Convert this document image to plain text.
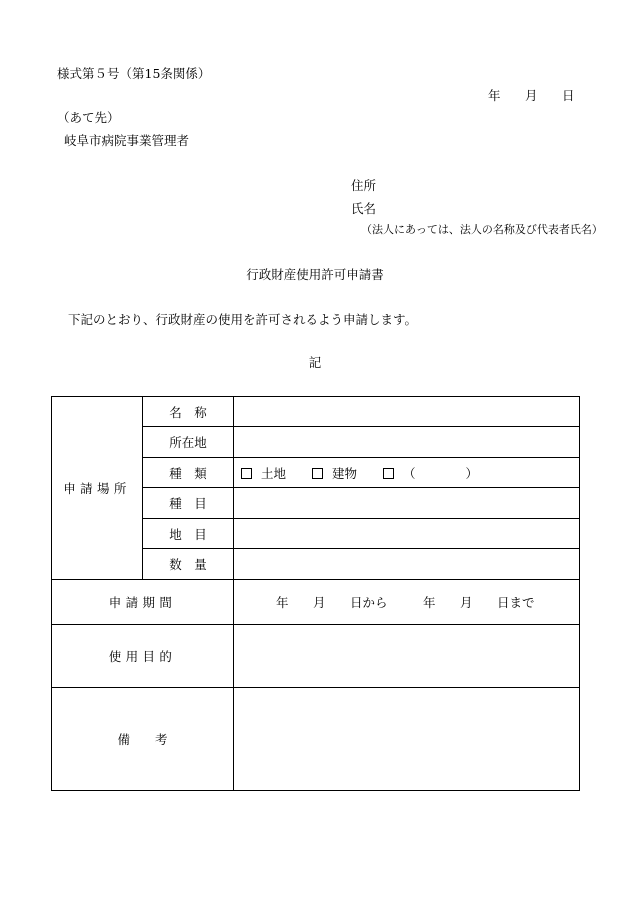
様式第５号（第15条関係）
年 月 日
（あて先）
岐阜市病院事業管理者
住所
氏名
（法人にあっては、法人の名称及び代表者氏名）
行政財産使用許可申請書
下記のとおり、行政財産の使用を許可されるよう申請します。
記
申請場所	名　称	
	所在地	
	種　類	土地 建物 （　　　　）
	種　目	
	地　目	
	数　量	
申請期間		年 月 日から 年 月 日まで
使用目的		
備　　考		
